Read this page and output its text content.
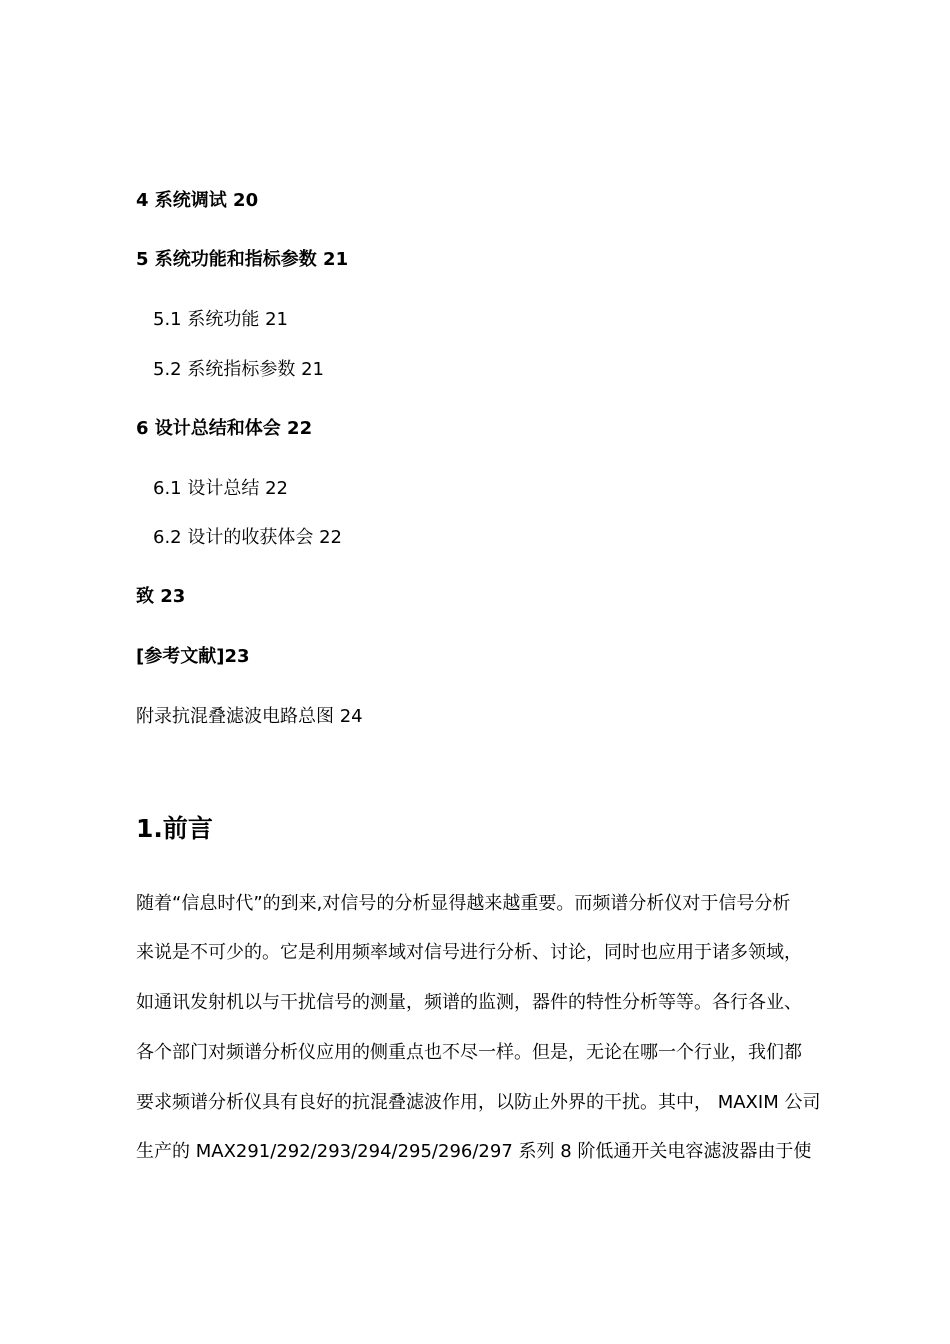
4 系统调试 20
5 系统功能和指标参数 21
5.1 系统功能 21
5.2 系统指标参数 21
6 设计总结和体会 22
6.1 设计总结 22
6.2 设计的收获体会 22
致 23
[参考文献]23
附录抗混叠滤波电路总图 24
1.前言
随着“信息时代”的到来,对信号的分析显得越来越重要。而频谱分析仪对于信号分析
来说是不可少的。它是利用频率域对信号进行分析、讨论，同时也应用于诸多领域，
如通讯发射机以与干扰信号的测量，频谱的监测，器件的特性分析等等。各行各业、
各个部门对频谱分析仪应用的侧重点也不尽一样。但是，无论在哪一个行业，我们都
要求频谱分析仪具有良好的抗混叠滤波作用，以防止外界的干扰。其中， MAXIM 公司
生产的 MAX291/292/293/294/295/296/297 系列 8 阶低通开关电容滤波器由于使
